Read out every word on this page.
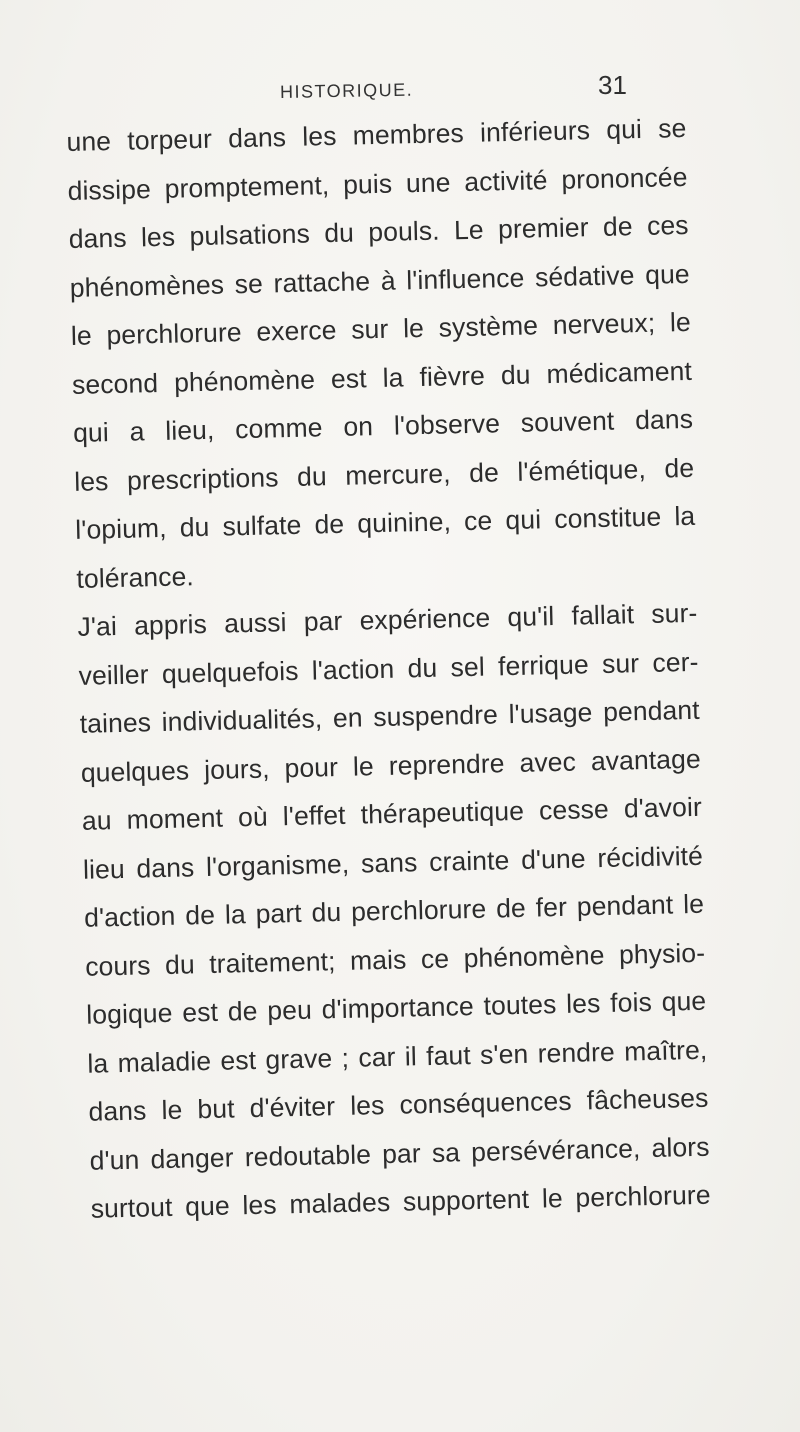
HISTORIQUE.	31
une torpeur dans les membres inférieurs qui se
dissipe promptement, puis une activité prononcée
dans les pulsations du pouls. Le premier de ces
phénomènes se rattache à l'influence sédative que
le perchlorure exerce sur le système nerveux; le
second phénomène est la fièvre du médicament
qui a lieu, comme on l'observe souvent dans
les prescriptions du mercure, de l'émétique, de
l'opium, du sulfate de quinine, ce qui constitue la
tolérance.
J'ai appris aussi par expérience qu'il fallait sur-
veiller quelquefois l'action du sel ferrique sur cer-
taines individualités, en suspendre l'usage pendant
quelques jours, pour le reprendre avec avantage
au moment où l'effet thérapeutique cesse d'avoir
lieu dans l'organisme, sans crainte d'une récidivité
d'action de la part du perchlorure de fer pendant le
cours du traitement; mais ce phénomène physio-
logique est de peu d'importance toutes les fois que
la maladie est grave ; car il faut s'en rendre maître,
dans le but d'éviter les conséquences fâcheuses
d'un danger redoutable par sa persévérance, alors
surtout que les malades supportent le perchlorure
